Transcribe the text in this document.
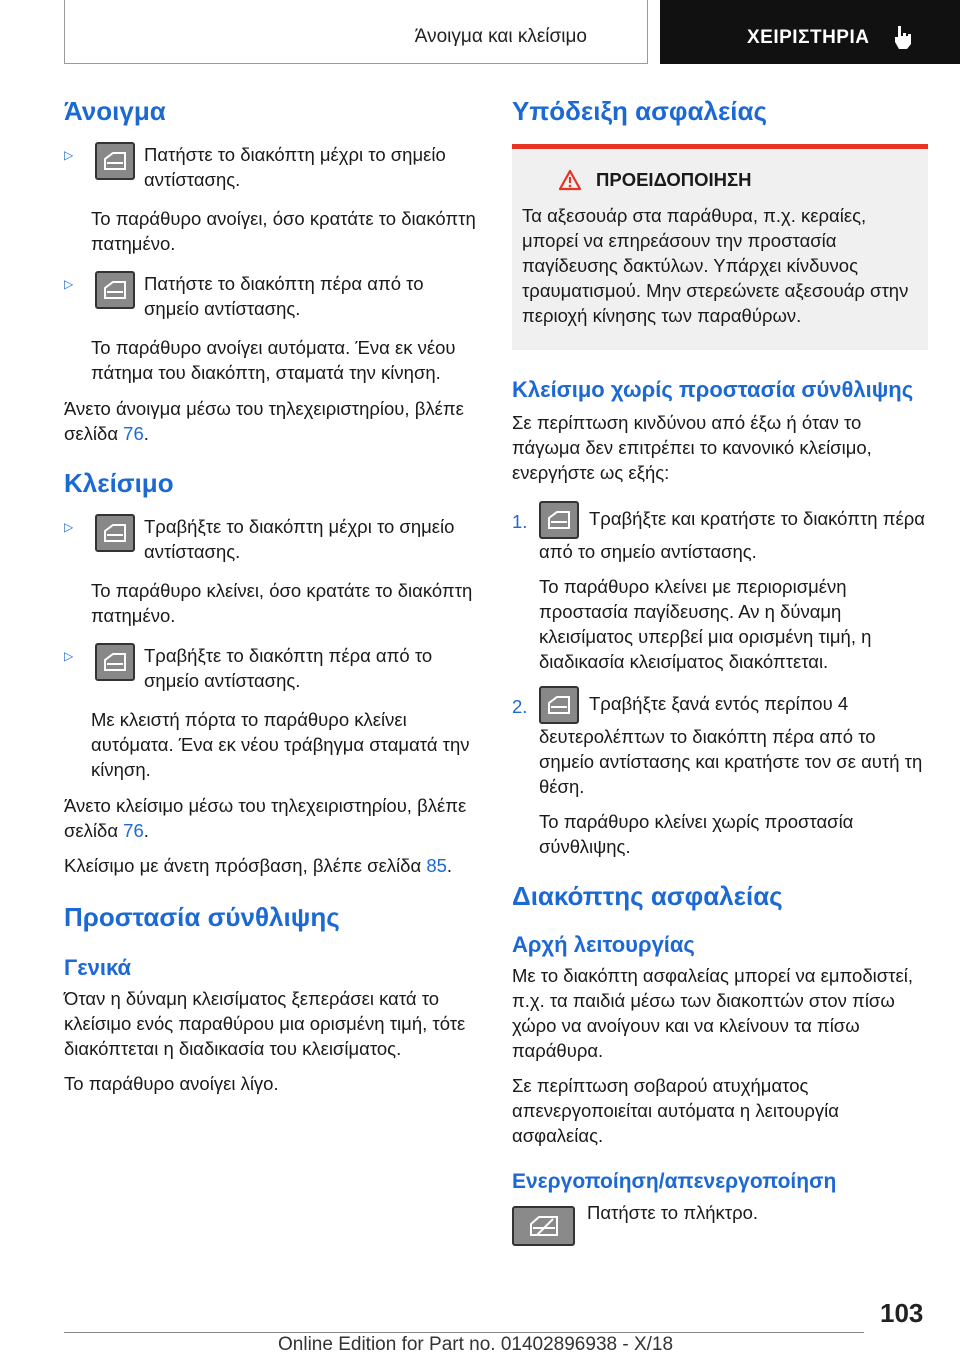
Άνοιγμα και κλείσιμο	ΧΕΙΡΙΣΤΗΡΙΑ
Άνοιγμα
▷	Πατήστε το διακόπτη μέχρι το σημείο αντίστασης.

Το παράθυρο ανοίγει, όσο κρατάτε το διακόπτη πατημένο.

▷	Πατήστε το διακόπτη πέρα από το σημείο αντίστασης.

Το παράθυρο ανοίγει αυτόματα. Ένα εκ νέου πάτημα του διακόπτη, σταματά την κίνηση.

Άνετο άνοιγμα μέσω του τηλεχειριστηρίου, βλέπε σελίδα 76.

Κλείσιμο
▷	Τραβήξτε το διακόπτη μέχρι το σημείο αντίστασης.

Το παράθυρο κλείνει, όσο κρατάτε το διακόπτη πατημένο.

▷	Τραβήξτε το διακόπτη πέρα από το σημείο αντίστασης.

Με κλειστή πόρτα το παράθυρο κλείνει αυτόματα. Ένα εκ νέου τράβηγμα σταματά την κίνηση.

Άνετο κλείσιμο μέσω του τηλεχειριστηρίου, βλέπε σελίδα 76.

Κλείσιμο με άνετη πρόσβαση, βλέπε σελίδα 85.

Προστασία σύνθλιψης
Γενικά

Όταν η δύναμη κλεισίματος ξεπεράσει κατά το κλείσιμο ενός παραθύρου μια ορισμένη τιμή, τότε διακόπτεται η διαδικασία του κλεισίματος.

Το παράθυρο ανοίγει λίγο.

Υπόδειξη ασφαλείας
ΠΡΟΕΙΔΟΠΟΙΗΣΗ

Τα αξεσουάρ στα παράθυρα, π.χ. κεραίες, μπορεί να επηρεάσουν την προστασία παγίδευσης δακτύλων. Υπάρχει κίνδυνος τραυματισμού. Μην στερεώνετε αξεσουάρ στην περιοχή κίνησης των παραθύρων.

Κλείσιμο χωρίς προστασία σύνθλιψης

Σε περίπτωση κινδύνου από έξω ή όταν το πάγωμα δεν επιτρέπει το κανονικό κλείσιμο, ενεργήστε ως εξής:

1.	Τραβήξτε και κρατήστε το διακόπτη πέρα από το σημείο αντίστασης.

Το παράθυρο κλείνει με περιορισμένη προστασία παγίδευσης. Αν η δύναμη κλεισίματος υπερβεί μια ορισμένη τιμή, η διαδικασία κλεισίματος διακόπτεται.

2.	Τραβήξτε ξανά εντός περίπου 4 δευτερολέπτων το διακόπτη πέρα από το σημείο αντίστασης και κρατήστε τον σε αυτή τη θέση.

Το παράθυρο κλείνει χωρίς προστασία σύνθλιψης.

Διακόπτης ασφαλείας
Αρχή λειτουργίας

Με το διακόπτη ασφαλείας μπορεί να εμποδιστεί, π.χ. τα παιδιά μέσω των διακοπτών στον πίσω χώρο να ανοίγουν και να κλείνουν τα πίσω παράθυρα.

Σε περίπτωση σοβαρού ατυχήματος απενεργοποιείται αυτόματα η λειτουργία ασφαλείας.

Ενεργοποίηση/απενεργοποίηση

Πατήστε το πλήκτρο.

103
Online Edition for Part no. 01402896938 - X/18
